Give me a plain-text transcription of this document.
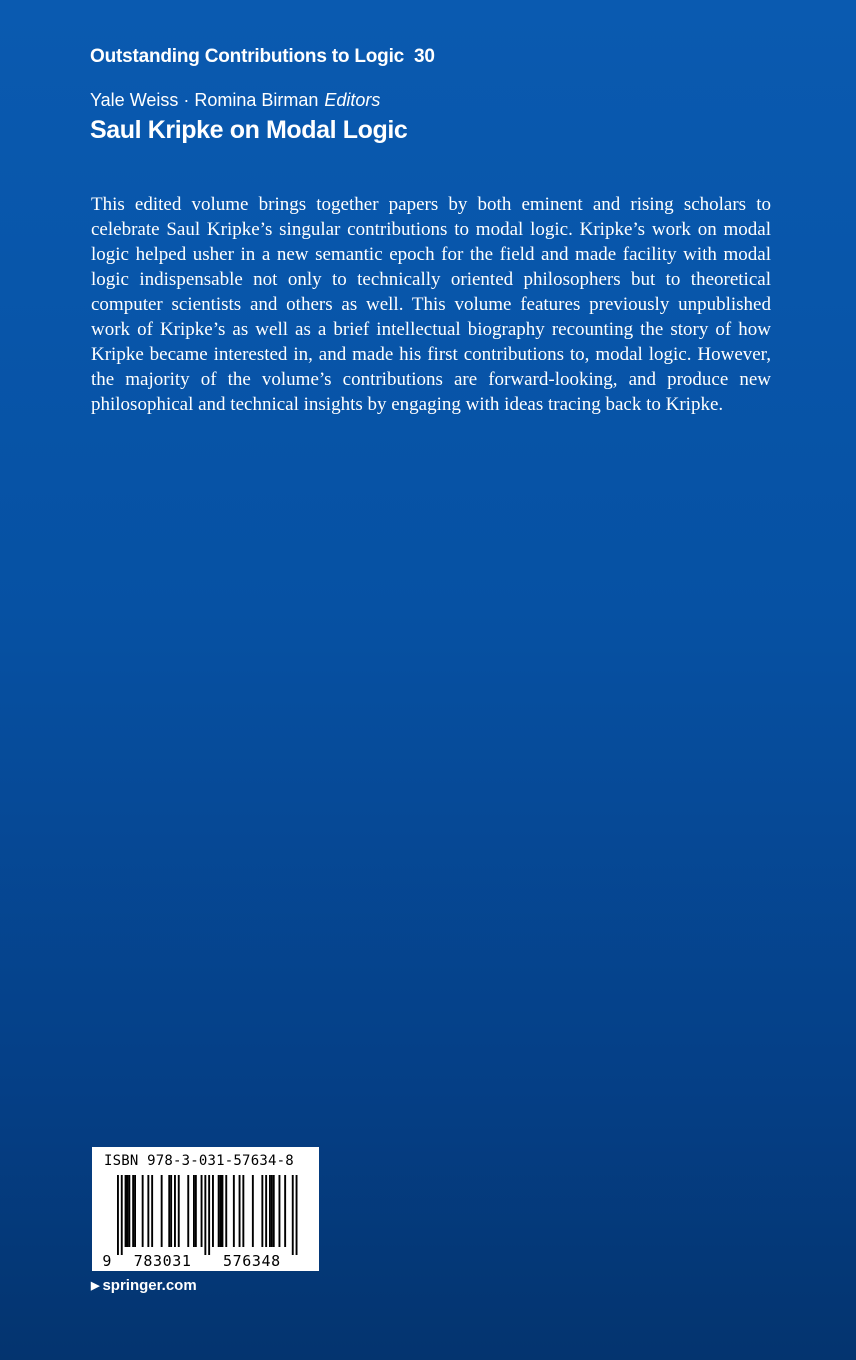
Outstanding Contributions to Logic 30
Yale Weiss · Romina Birman Editors
Saul Kripke on Modal Logic

This edited volume brings together papers by both eminent and rising scholars to celebrate Saul Kripke’s singular contributions to modal logic. Kripke’s work on modal logic helped usher in a new semantic epoch for the field and made facility with modal logic indispensable not only to technically oriented philosophers but to theoretical computer scientists and others as well. This volume features previously unpublished work of Kripke’s as well as a brief intellectual biography recounting the story of how Kripke became interested in, and made his first contributions to, modal logic. However, the majority of the volume’s contributions are forward-looking, and produce new philosophical and technical insights by engaging with ideas tracing back to Kripke.

ISBN 978-3-031-57634-8
9 783031 576348
▶ springer.com
